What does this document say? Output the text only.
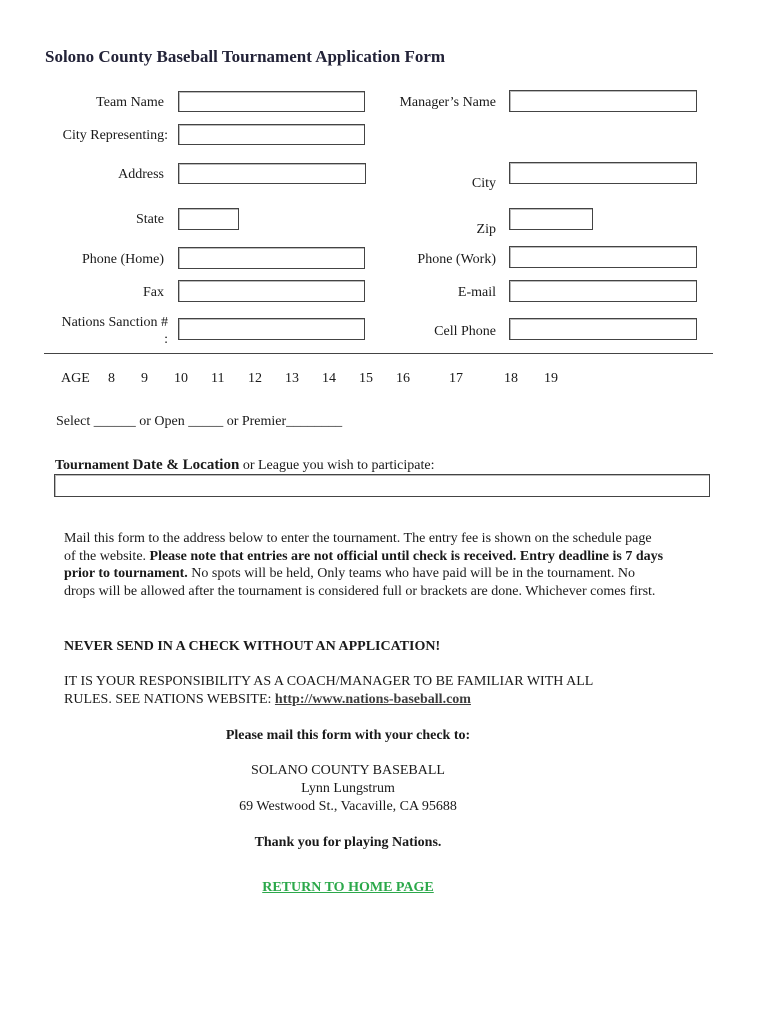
Solono County Baseball Tournament Application Form
Team Name
City Representing:
Address
State
Phone (Home)
Fax
Nations Sanction #
:
Manager’s Name
City
Zip
Phone (Work)
E-mail
Cell Phone
AGE 8 9 10 11 12 13 14 15 16	17	18 19
Select ______ or Open _____ or Premier________
Tournament Date & Location or League you wish to participate:
Mail this form to the address below to enter the tournament. The entry fee is shown on the schedule page of the website. Please note that entries are not official until check is received. Entry deadline is 7 days prior to tournament. No spots will be held, Only teams who have paid will be in the tournament. No drops will be allowed after the tournament is considered full or brackets are done. Whichever comes first.
NEVER SEND IN A CHECK WITHOUT AN APPLICATION!
IT IS YOUR RESPONSIBILITY AS A COACH/MANAGER TO BE FAMILIAR WITH ALL RULES. SEE NATIONS WEBSITE: http://www.nations-baseball.com
Please mail this form with your check to:
SOLANO COUNTY BASEBALL
Lynn Lungstrum
69 Westwood St., Vacaville, CA 95688
Thank you for playing Nations.
RETURN TO HOME PAGE
